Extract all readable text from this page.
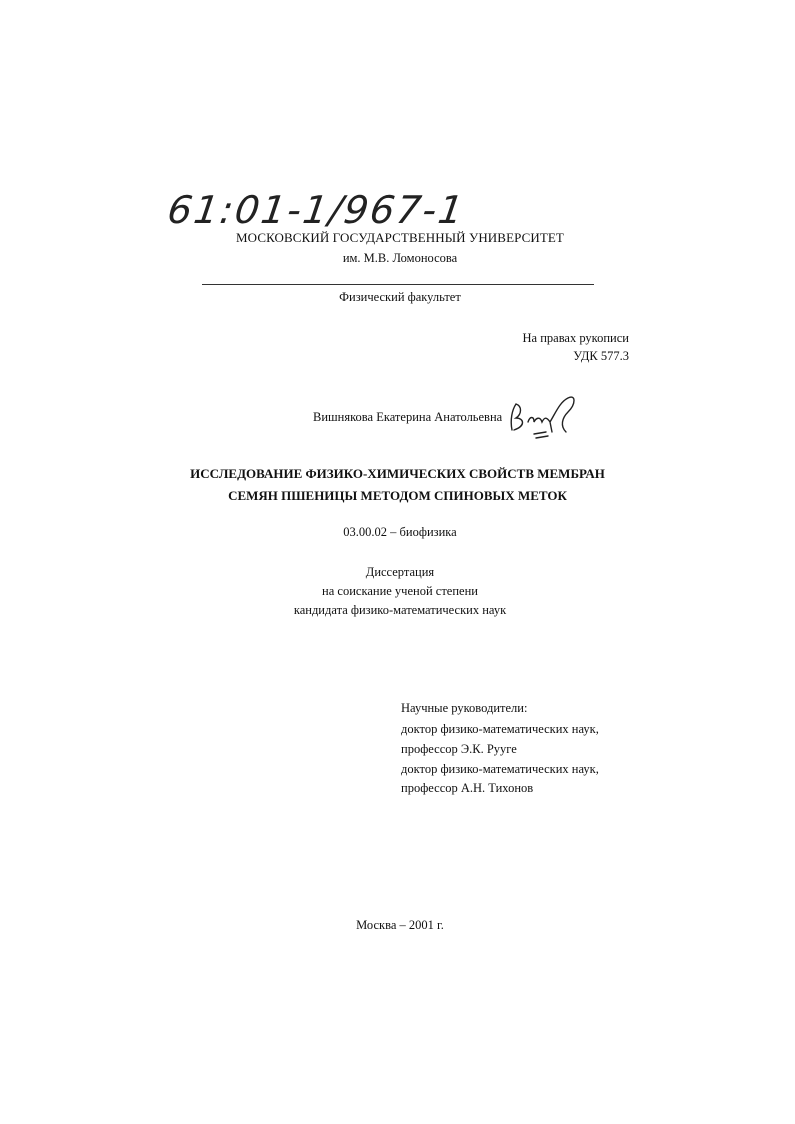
61:01-1/967-1
МОСКОВСКИЙ ГОСУДАРСТВЕННЫЙ УНИВЕРСИТЕТ
им. М.В. Ломоносова
Физический факультет
На правах рукописи
УДК 577.3
Вишнякова Екатерина Анатольевна
ИССЛЕДОВАНИЕ ФИЗИКО-ХИМИЧЕСКИХ СВОЙСТВ МЕМБРАН
СЕМЯН ПШЕНИЦЫ МЕТОДОМ СПИНОВЫХ МЕТОК
03.00.02 – биофизика
Диссертация
на соискание ученой степени
кандидата физико-математических наук
Научные руководители:
доктор физико-математических наук,
профессор Э.К. Рууге
доктор физико-математических наук,
профессор А.Н. Тихонов
Москва – 2001 г.
